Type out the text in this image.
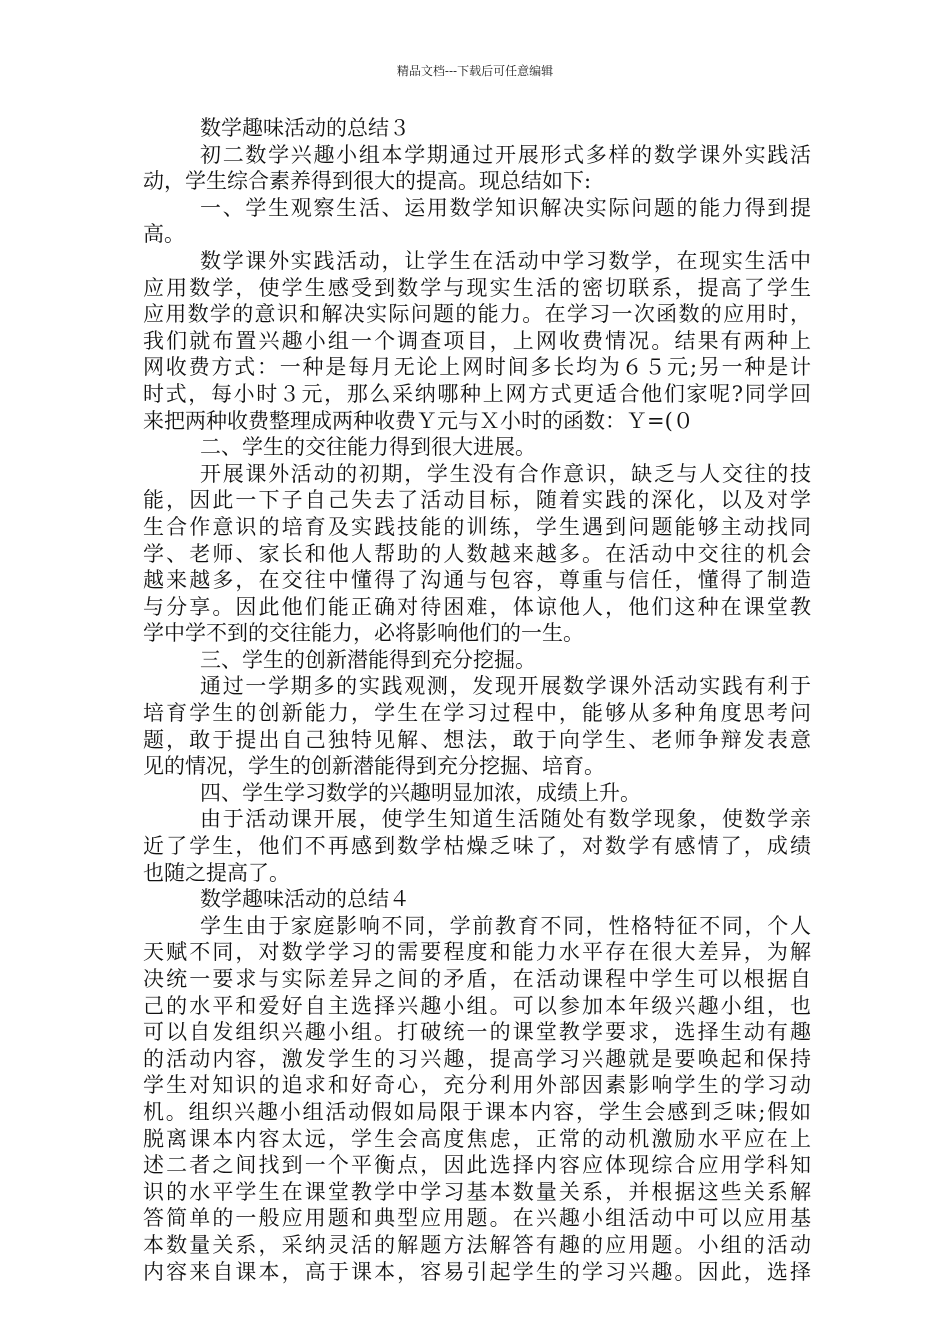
精品文档---下载后可任意编辑
数学趣味活动的总结３
初二数学兴趣小组本学期通过开展形式多样的数学课外实践活
动，学生综合素养得到很大的提高。现总结如下:
一、学生观察生活、运用数学知识解决实际问题的能力得到提
高。
数学课外实践活动，让学生在活动中学习数学，在现实生活中
应用数学，使学生感受到数学与现实生活的密切联系，提高了学生
应用数学的意识和解决实际问题的能力。在学习一次函数的应用时，
我们就布置兴趣小组一个调查项目，上网收费情况。结果有两种上
网收费方式：一种是每月无论上网时间多长均为６５元;另一种是计
时式，每小时３元，那么采纳哪种上网方式更适合他们家呢?同学回
来把两种收费整理成两种收费Ｙ元与Ｘ小时的函数：Ｙ=(０
二、学生的交往能力得到很大进展。
开展课外活动的初期，学生没有合作意识，缺乏与人交往的技
能，因此一下子自己失去了活动目标，随着实践的深化，以及对学
生合作意识的培育及实践技能的训练，学生遇到问题能够主动找同
学、老师、家长和他人帮助的人数越来越多。在活动中交往的机会
越来越多，在交往中懂得了沟通与包容，尊重与信任，懂得了制造
与分享。因此他们能正确对待困难，体谅他人，他们这种在课堂教
学中学不到的交往能力，必将影响他们的一生。
三、学生的创新潜能得到充分挖掘。
通过一学期多的实践观测，发现开展数学课外活动实践有利于
培育学生的创新能力，学生在学习过程中，能够从多种角度思考问
题，敢于提出自己独特见解、想法，敢于向学生、老师争辩发表意
见的情况，学生的创新潜能得到充分挖掘、培育。
四、学生学习数学的兴趣明显加浓，成绩上升。
由于活动课开展，使学生知道生活随处有数学现象，使数学亲
近了学生，他们不再感到数学枯燥乏味了，对数学有感情了，成绩
也随之提高了。
数学趣味活动的总结４
学生由于家庭影响不同，学前教育不同，性格特征不同，个人
天赋不同，对数学学习的需要程度和能力水平存在很大差异，为解
决统一要求与实际差异之间的矛盾，在活动课程中学生可以根据自
己的水平和爱好自主选择兴趣小组。可以参加本年级兴趣小组，也
可以自发组织兴趣小组。打破统一的课堂教学要求，选择生动有趣
的活动内容，激发学生的习兴趣，提高学习兴趣就是要唤起和保持
学生对知识的追求和好奇心，充分利用外部因素影响学生的学习动
机。组织兴趣小组活动假如局限于课本内容，学生会感到乏味;假如
脱离课本内容太远，学生会高度焦虑，正常的动机激励水平应在上
述二者之间找到一个平衡点，因此选择内容应体现综合应用学科知
识的水平学生在课堂教学中学习基本数量关系，并根据这些关系解
答简单的一般应用题和典型应用题。在兴趣小组活动中可以应用基
本数量关系，采纳灵活的解题方法解答有趣的应用题。小组的活动
内容来自课本，高于课本，容易引起学生的学习兴趣。因此，选择
